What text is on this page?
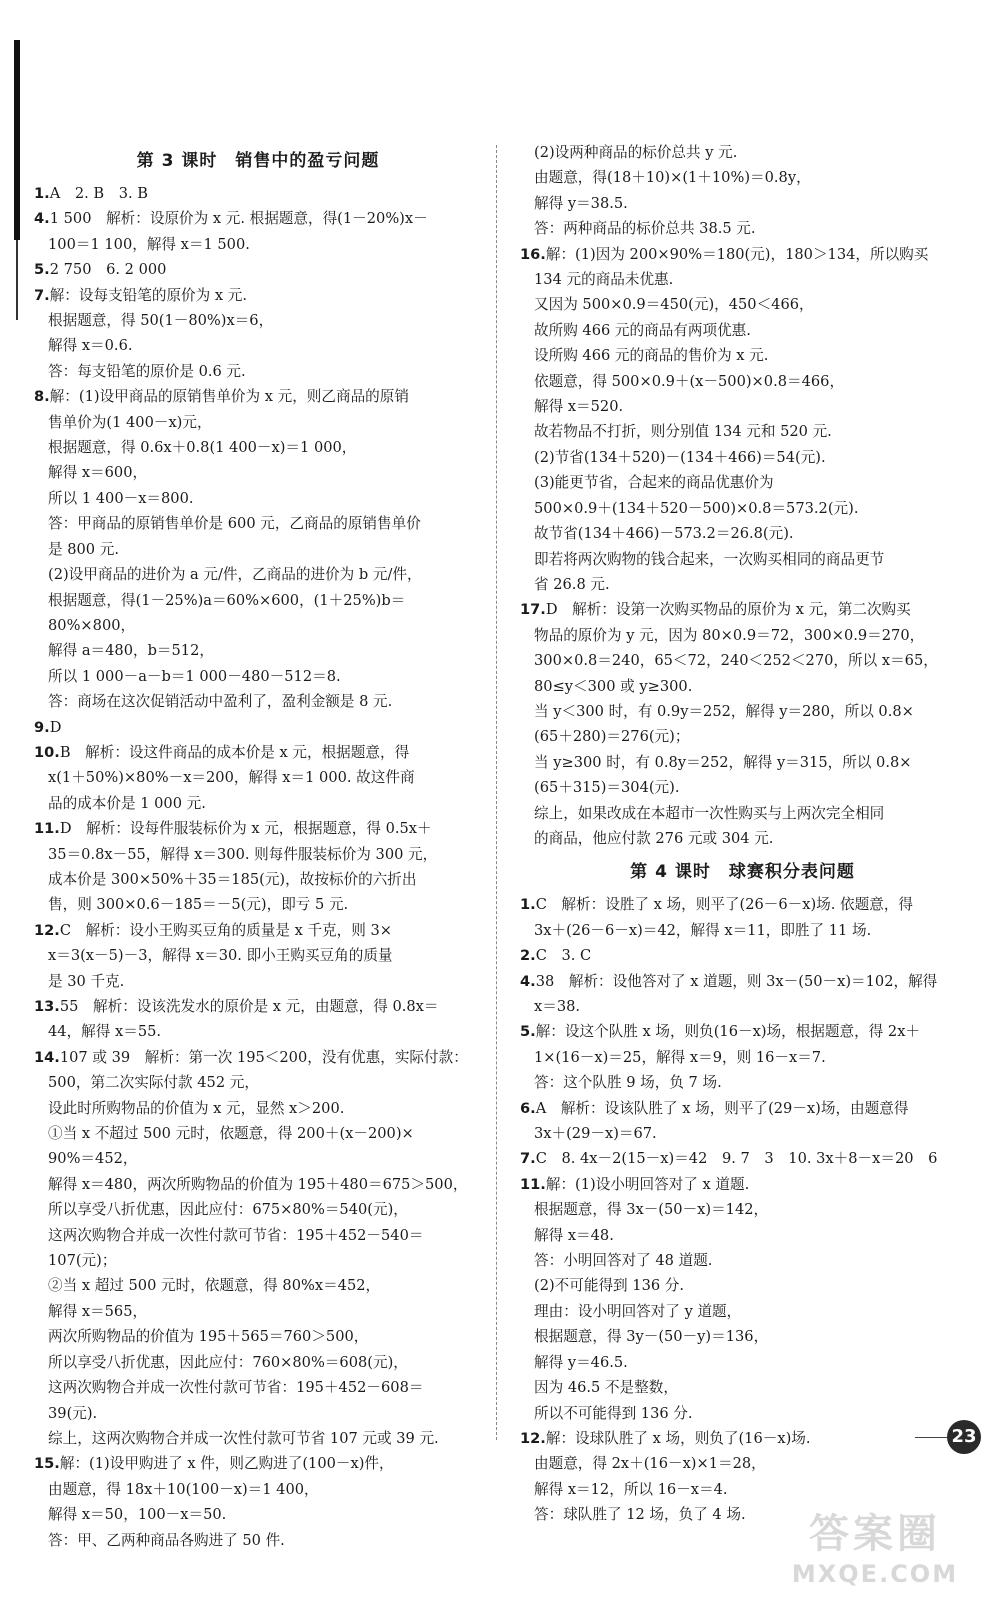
第 3 课时　销售中的盈亏问题
1.A　2. B　3. B
4.1 500　解析：设原价为 x 元. 根据题意，得(1－20%)x－
100＝1 100，解得 x＝1 500.
5.2 750　6. 2 000
7.解：设每支铅笔的原价为 x 元.
根据题意，得 50(1－80%)x＝6，
解得 x＝0.6.
答：每支铅笔的原价是 0.6 元.
8.解：(1)设甲商品的原销售单价为 x 元，则乙商品的原销
售单价为(1 400－x)元，
根据题意，得 0.6x＋0.8(1 400－x)＝1 000，
解得 x＝600，
所以 1 400－x＝800.
答：甲商品的原销售单价是 600 元，乙商品的原销售单价
是 800 元.
(2)设甲商品的进价为 a 元/件，乙商品的进价为 b 元/件，
根据题意，得(1－25%)a＝60%×600，(1＋25%)b＝
80%×800，
解得 a＝480，b＝512，
所以 1 000－a－b＝1 000－480－512＝8.
答：商场在这次促销活动中盈利了，盈利金额是 8 元.
9.D
10.B　解析：设这件商品的成本价是 x 元，根据题意，得
x(1＋50%)×80%－x＝200，解得 x＝1 000. 故这件商
品的成本价是 1 000 元.
11.D　解析：设每件服装标价为 x 元，根据题意，得 0.5x＋
35＝0.8x－55，解得 x＝300. 则每件服装标价为 300 元，
成本价是 300×50%＋35＝185(元)，故按标价的六折出
售，则 300×0.6－185＝－5(元)，即亏 5 元.
12.C　解析：设小王购买豆角的质量是 x 千克，则 3×
x＝3(x－5)－3，解得 x＝30. 即小王购买豆角的质量
是 30 千克.
13.55　解析：设该洗发水的原价是 x 元，由题意，得 0.8x＝
44，解得 x＝55.
14.107 或 39　解析：第一次 195＜200，没有优惠，实际付款：
500，第二次实际付款 452 元，
设此时所购物品的价值为 x 元，显然 x＞200.
①当 x 不超过 500 元时，依题意，得 200＋(x－200)×
90%＝452，
解得 x＝480，两次所购物品的价值为 195＋480＝675＞500，
所以享受八折优惠，因此应付：675×80%＝540(元)，
这两次购物合并成一次性付款可节省：195＋452－540＝
107(元)；
②当 x 超过 500 元时，依题意，得 80%x＝452，
解得 x＝565，
两次所购物品的价值为 195＋565＝760＞500，
所以享受八折优惠，因此应付：760×80%＝608(元)，
这两次购物合并成一次性付款可节省：195＋452－608＝
39(元).
综上，这两次购物合并成一次性付款可节省 107 元或 39 元.
15.解：(1)设甲购进了 x 件，则乙购进了(100－x)件，
由题意，得 18x＋10(100－x)＝1 400，
解得 x＝50，100－x＝50.
答：甲、乙两种商品各购进了 50 件.
(2)设两种商品的标价总共 y 元.
由题意，得(18＋10)×(1＋10%)＝0.8y，
解得 y＝38.5.
答：两种商品的标价总共 38.5 元.
16.解：(1)因为 200×90%＝180(元)，180＞134，所以购买
134 元的商品未优惠.
又因为 500×0.9＝450(元)，450＜466，
故所购 466 元的商品有两项优惠.
设所购 466 元的商品的售价为 x 元.
依题意，得 500×0.9＋(x－500)×0.8＝466，
解得 x＝520.
故若物品不打折，则分别值 134 元和 520 元.
(2)节省(134＋520)－(134＋466)＝54(元).
(3)能更节省，合起来的商品优惠价为
500×0.9＋(134＋520－500)×0.8＝573.2(元).
故节省(134＋466)－573.2＝26.8(元).
即若将两次购物的钱合起来，一次购买相同的商品更节
省 26.8 元.
17.D　解析：设第一次购买物品的原价为 x 元，第二次购买
物品的原价为 y 元，因为 80×0.9＝72，300×0.9＝270，
300×0.8＝240，65＜72，240＜252＜270，所以 x＝65，
80≤y＜300 或 y≥300.
当 y＜300 时，有 0.9y＝252，解得 y＝280，所以 0.8×
(65＋280)＝276(元)；
当 y≥300 时，有 0.8y＝252，解得 y＝315，所以 0.8×
(65＋315)＝304(元).
综上，如果改成在本超市一次性购买与上两次完全相同
的商品，他应付款 276 元或 304 元.
第 4 课时　球赛积分表问题
1.C　解析：设胜了 x 场，则平了(26－6－x)场. 依题意，得
3x＋(26－6－x)＝42，解得 x＝11，即胜了 11 场.
2.C　3. C
4.38　解析：设他答对了 x 道题，则 3x－(50－x)＝102，解得
x＝38.
5.解：设这个队胜 x 场，则负(16－x)场，根据题意，得 2x＋
1×(16－x)＝25，解得 x＝9，则 16－x＝7.
答：这个队胜 9 场，负 7 场.
6.A　解析：设该队胜了 x 场，则平了(29－x)场，由题意得
3x＋(29－x)＝67.
7.C　8. 4x－2(15－x)＝42　9. 7　3　10. 3x＋8－x＝20　6
11.解：(1)设小明回答对了 x 道题.
根据题意，得 3x－(50－x)＝142，
解得 x＝48.
答：小明回答对了 48 道题.
(2)不可能得到 136 分.
理由：设小明回答对了 y 道题，
根据题意，得 3y－(50－y)＝136，
解得 y＝46.5.
因为 46.5 不是整数，
所以不可能得到 136 分.
12.解：设球队胜了 x 场，则负了(16－x)场.
由题意，得 2x＋(16－x)×1＝28，
解得 x＝12，所以 16－x＝4.
答：球队胜了 12 场，负了 4 场.
23
答案圈
MXQE.COM
